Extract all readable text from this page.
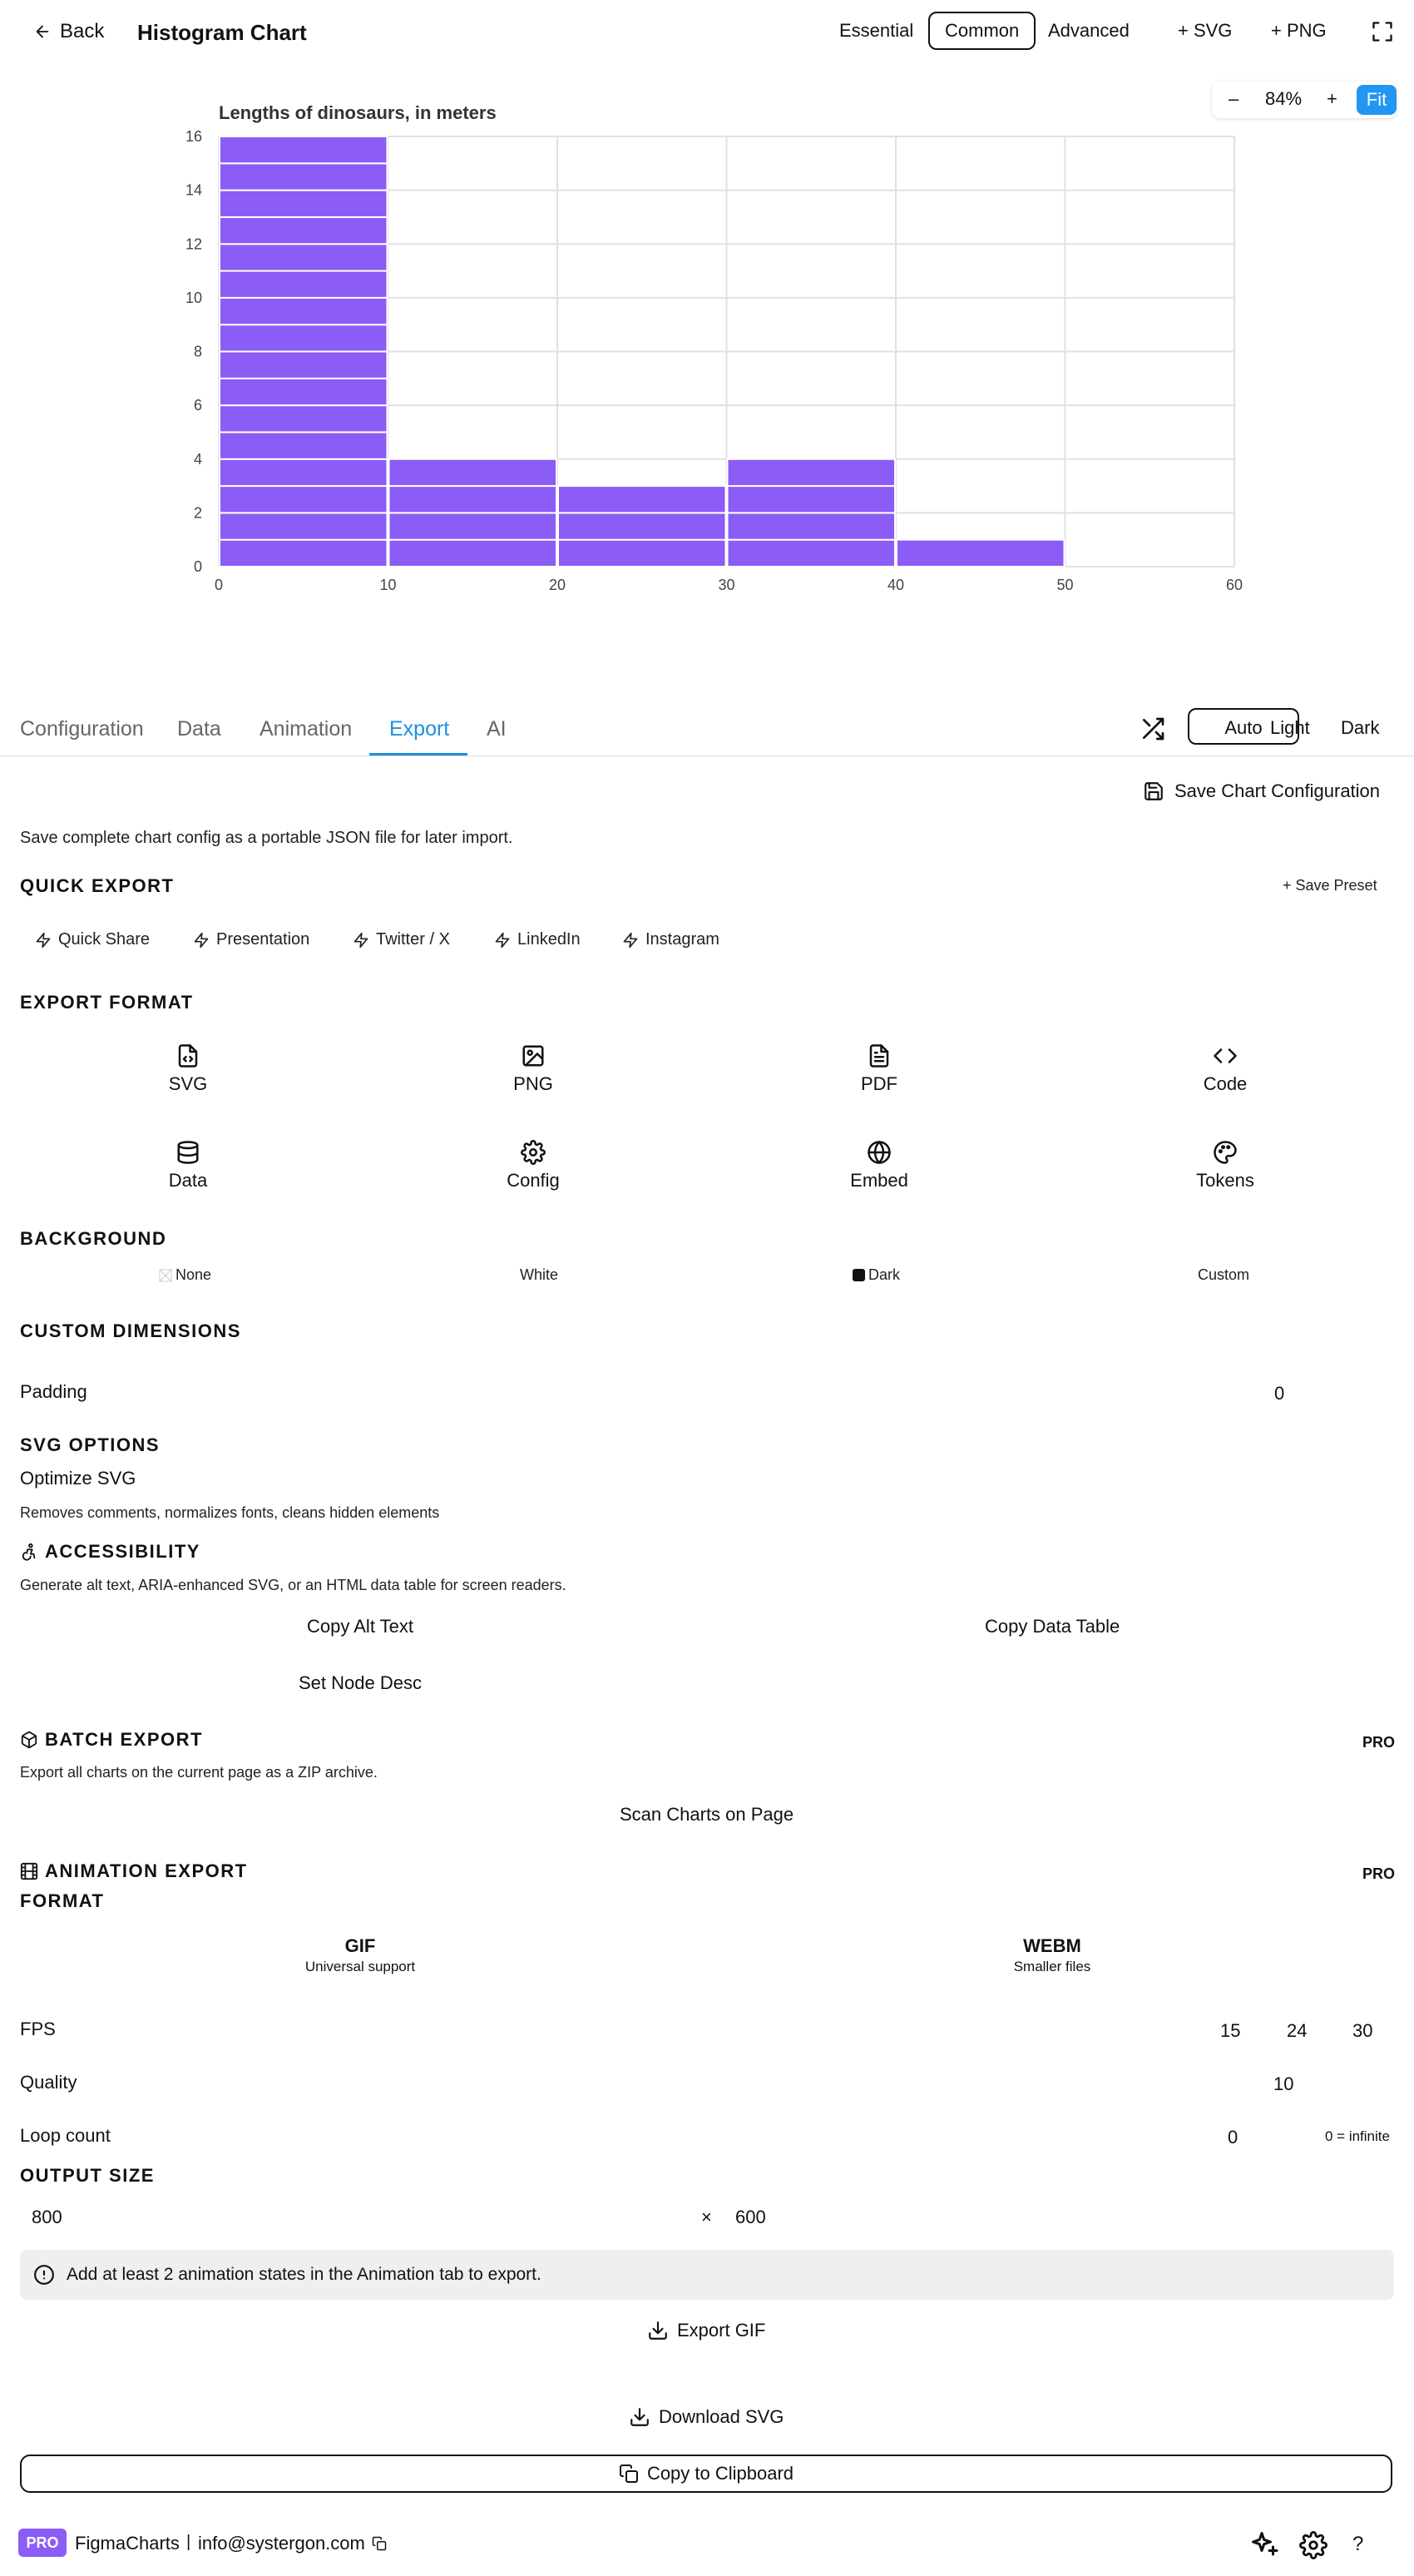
Back Histogram Chart	Essential	Common	Advanced	+ SVG	+ PNG
– 84% +	Fit
Lengths of dinosaurs, in meters
0	10	20	30	40	50	60
0
2
4
6
8
10
12
14
16
Configuration Data Animation Export AI	Auto Light Dark
Save Chart Configuration
Save complete chart config as a portable JSON file for later import.
QUICK EXPORT	+ Save Preset
Quick Share	Presentation	Twitter / X	LinkedIn	Instagram
EXPORT FORMAT
SVG	PNG	PDF	Code
Data	Config	Embed	Tokens
BACKGROUND
None	White	Dark	Custom
CUSTOM DIMENSIONS
Padding	0
SVG OPTIONS
Optimize SVG
Removes comments, normalizes fonts, cleans hidden elements
ACCESSIBILITY
Generate alt text, ARIA-enhanced SVG, or an HTML data table for screen readers.
Copy Alt Text	Copy Data Table
Set Node Desc
BATCH EXPORT	PRO
Export all charts on the current page as a ZIP archive.
Scan Charts on Page
ANIMATION EXPORT	PRO
FORMAT
GIF
Universal support
WEBM
Smaller files
FPS	15	24 30
Quality	10
Loop count	0	0 = infinite
OUTPUT SIZE
800	× 600
Add at least 2 animation states in the Animation tab to export.
Export GIF
Download SVG
Copy to Clipboard
PRO FigmaCharts | info@systergon.com	?
